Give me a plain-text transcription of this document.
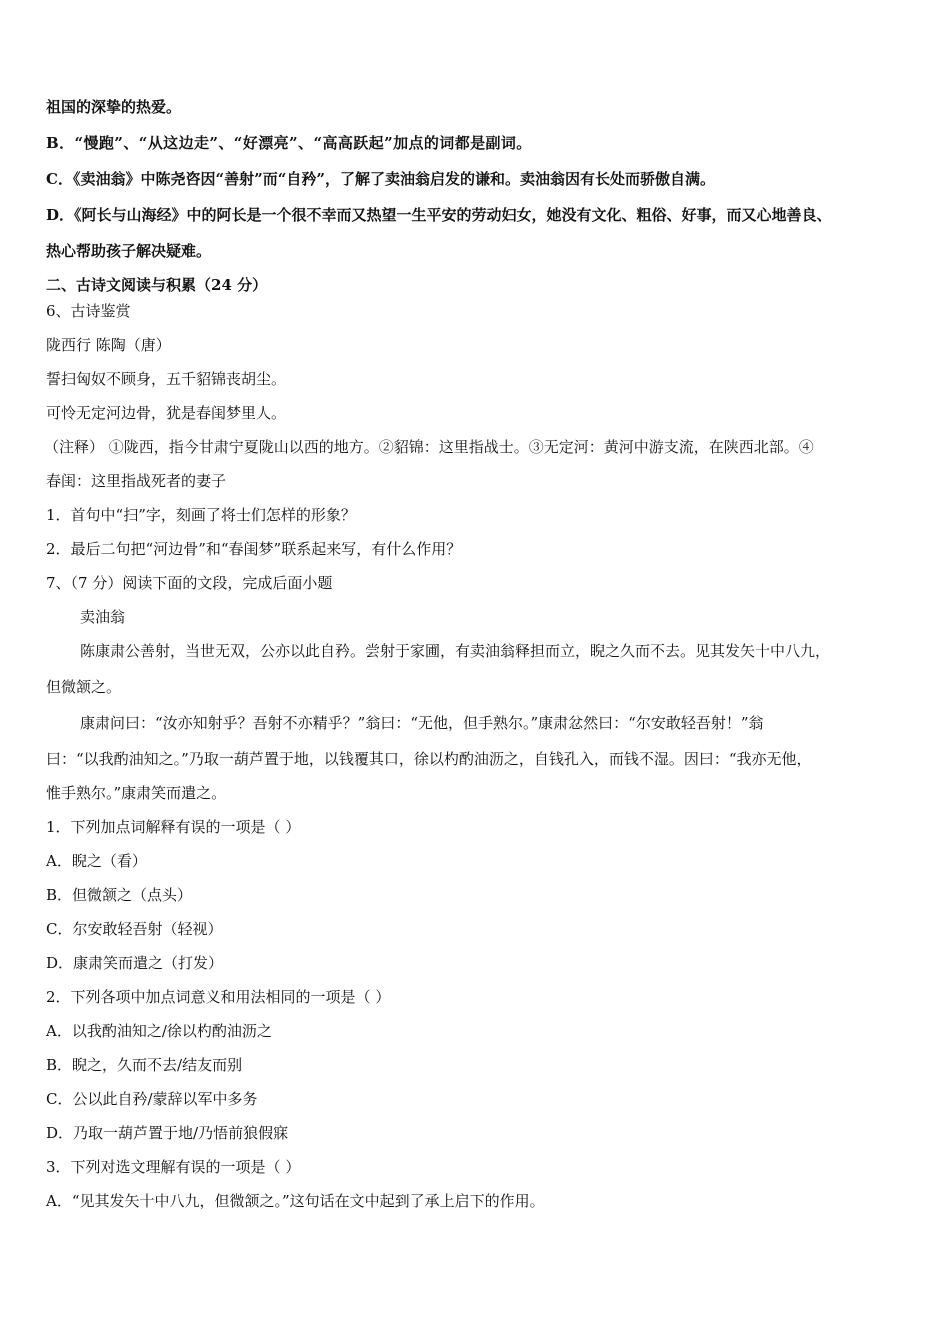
祖国的深挚的热爱。

B．“慢跑”、“从这边走”、“好漂亮”、“高高跃起”加点的词都是副词。

C．《卖油翁》中陈尧咨因“善射”而“自矜”，了解了卖油翁启发的谦和。卖油翁因有长处而骄傲自满。

D．《阿长与山海经》中的阿长是一个很不幸而又热望一生平安的劳动妇女，她没有文化、粗俗、好事，而又心地善良、

热心帮助孩子解决疑难。

二、古诗文阅读与积累（24 分）

6、古诗鉴赏

陇西行 陈陶（唐）

誓扫匈奴不顾身，五千貂锦丧胡尘。

可怜无定河边骨，犹是春闺梦里人。

（注释） ①陇西，指今甘肃宁夏陇山以西的地方。②貂锦：这里指战士。③无定河：黄河中游支流，在陕西北部。④

春闺：这里指战死者的妻子

1．首句中“扫”字，刻画了将士们怎样的形象？

2．最后二句把“河边骨”和“春闺梦”联系起来写，有什么作用？

7、（7 分）阅读下面的文段，完成后面小题

卖油翁

陈康肃公善射，当世无双，公亦以此自矜。尝射于家圃，有卖油翁释担而立，睨之久而不去。见其发矢十中八九，

但微颔之。

康肃问曰：“汝亦知射乎？吾射不亦精乎？”翁曰：“无他，但手熟尔。”康肃忿然曰：“尔安敢轻吾射！”翁

曰：“以我酌油知之。”乃取一葫芦置于地，以钱覆其口，徐以杓酌油沥之，自钱孔入，而钱不湿。因曰：“我亦无他，

惟手熟尔。”康肃笑而遣之。

1．下列加点词解释有误的一项是（ ）

A．睨之（看）

B．但微颔之（点头）

C．尔安敢轻吾射（轻视）

D．康肃笑而遣之（打发）

2．下列各项中加点词意义和用法相同的一项是（ ）

A．以我酌油知之/徐以杓酌油沥之

B．睨之，久而不去/结友而别

C．公以此自矜/蒙辞以军中多务

D．乃取一葫芦置于地/乃悟前狼假寐

3．下列对选文理解有误的一项是（ ）

A．“见其发矢十中八九，但微颔之。”这句话在文中起到了承上启下的作用。
